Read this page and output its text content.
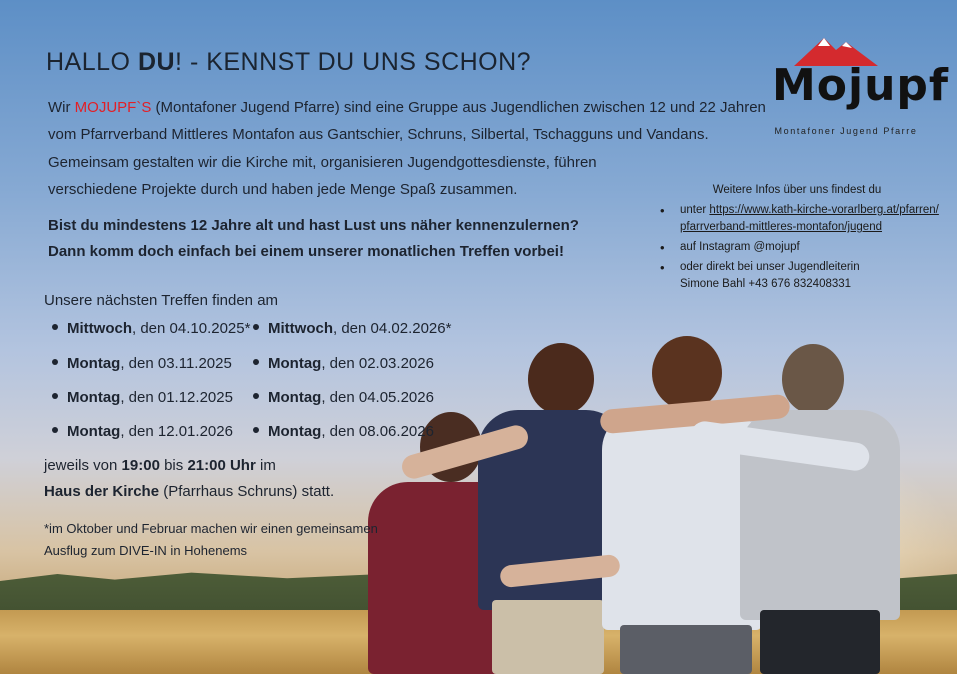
HALLO DU! - KENNST DU UNS SCHON?
Wir MOJUPF`S (Montafoner Jugend Pfarre) sind eine Gruppe aus Jugendlichen zwischen 12 und 22 Jahren
vom Pfarrverband Mittleres Montafon aus Gantschier, Schruns, Silbertal, Tschagguns und Vandans.
Gemeinsam gestalten wir die Kirche mit, organisieren Jugendgottesdienste, führen
verschiedene Projekte durch und haben jede Menge Spaß zusammen.
Bist du mindestens 12 Jahre alt und hast Lust uns näher kennenzulernen?
Dann komm doch einfach bei einem unserer monatlichen Treffen vorbei!
Unsere nächsten Treffen finden am
Mittwoch, den 04.10.2025*
Montag, den 03.11.2025
Montag, den 01.12.2025
Montag, den 12.01.2026
Mittwoch, den 04.02.2026*
Montag, den 02.03.2026
Montag, den 04.05.2026
Montag, den 08.06.2026
jeweils von 19:00 bis 21:00 Uhr im
Haus der Kirche (Pfarrhaus Schruns) statt.
*im Oktober und Februar machen wir einen gemeinsamen
Ausflug zum DIVE-IN in Hohenems
Mojupf
Montafoner Jugend Pfarre
Weitere Infos über uns findest du
• unter https://www.kath-kirche-vorarlberg.at/pfarren/
pfarrverband-mittleres-montafon/jugend
• auf Instagram @mojupf
• oder direkt bei unser Jugendleiterin
Simone Bahl +43 676 832408331
